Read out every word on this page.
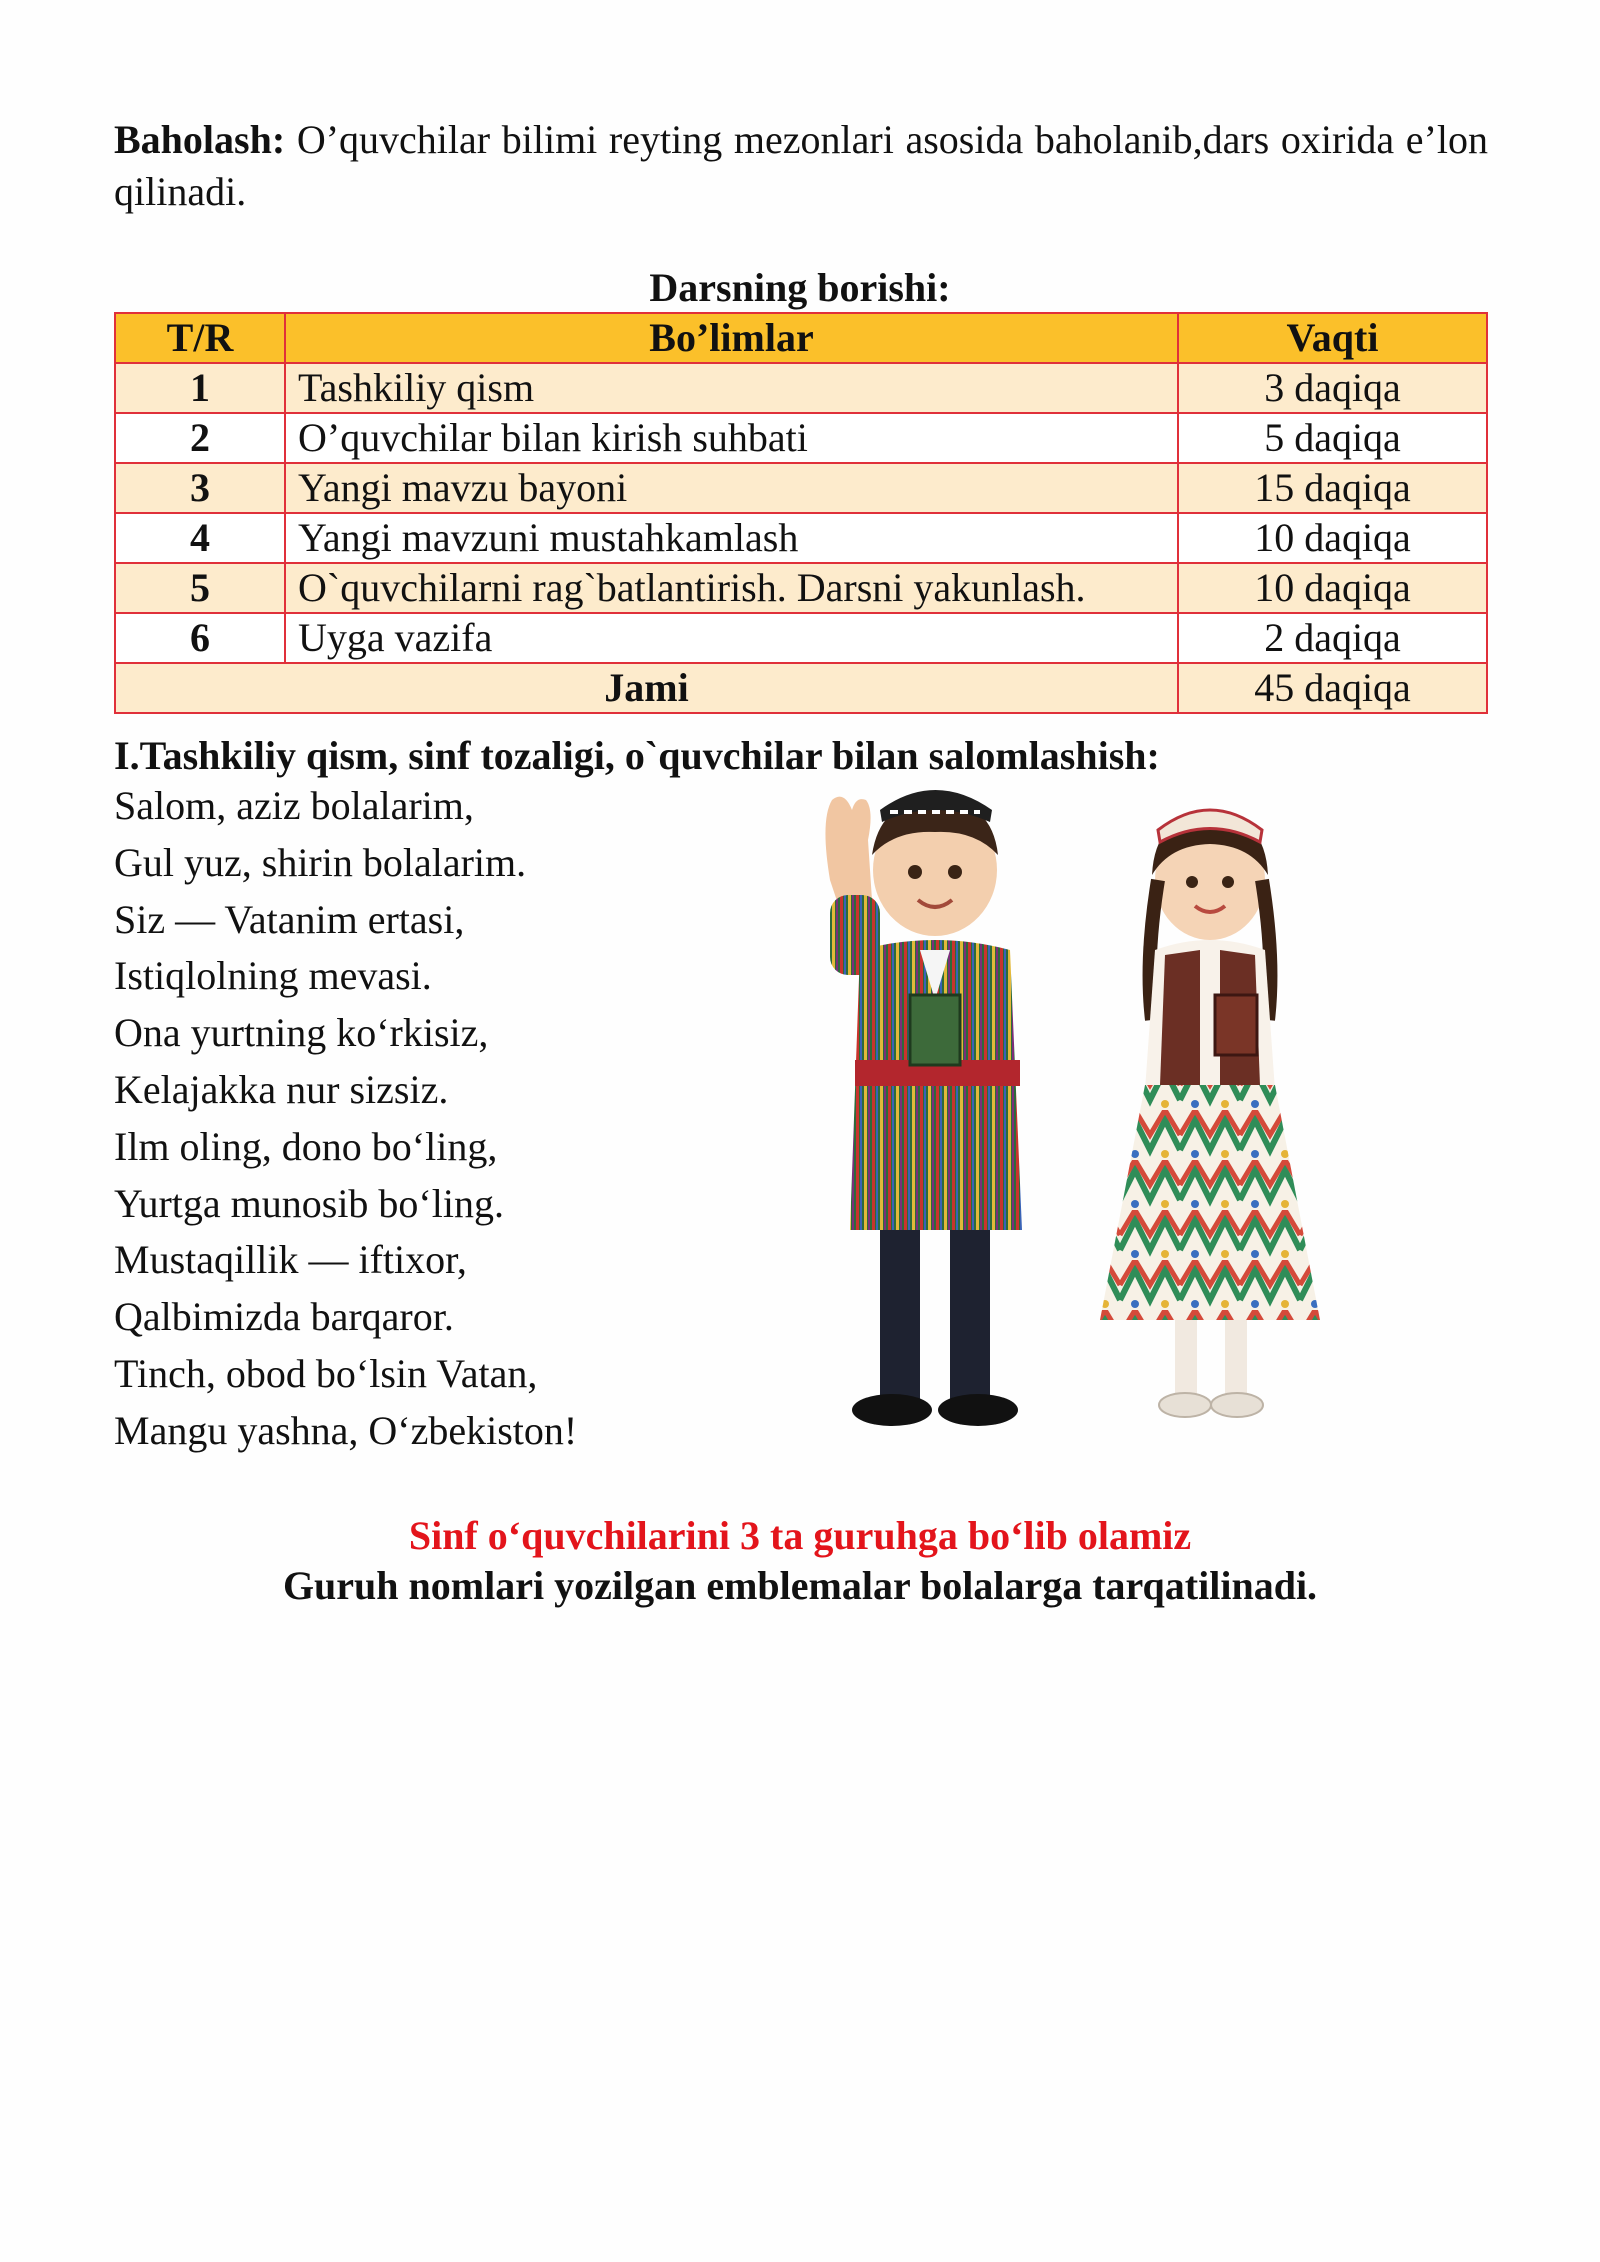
Baholash: O’quvchilar bilimi reyting mezonlari asosida baholanib,dars oxirida e’lon qilinadi.
Darsning borishi:
T/R	Bo’limlar	Vaqti
1	Tashkiliy qism	3 daqiqa
2	O’quvchilar bilan kirish suhbati	5 daqiqa
3	Yangi mavzu bayoni	15 daqiqa
4	Yangi mavzuni mustahkamlash	10 daqiqa
5	O`quvchilarni rag`batlantirish. Darsni yakunlash.	10 daqiqa
6	Uyga vazifa	2 daqiqa
Jami		45 daqiqa
I.Tashkiliy qism, sinf tozaligi, o`quvchilar bilan salomlashish:
Salom, aziz bolalarim,
Gul yuz, shirin bolalarim.
Siz — Vatanim ertasi,
Istiqlolning mevasi.
Ona yurtning ko‘rkisiz,
Kelajakka nur sizsiz.
Ilm oling, dono bo‘ling,
Yurtga munosib bo‘ling.
Mustaqillik — iftixor,
Qalbimizda barqaror.
Tinch, obod bo‘lsin Vatan,
Mangu yashna, O‘zbekiston!
Sinf o‘quvchilarini 3 ta guruhga bo‘lib olamiz
Guruh nomlari yozilgan emblemalar bolalarga tarqatilinadi.
